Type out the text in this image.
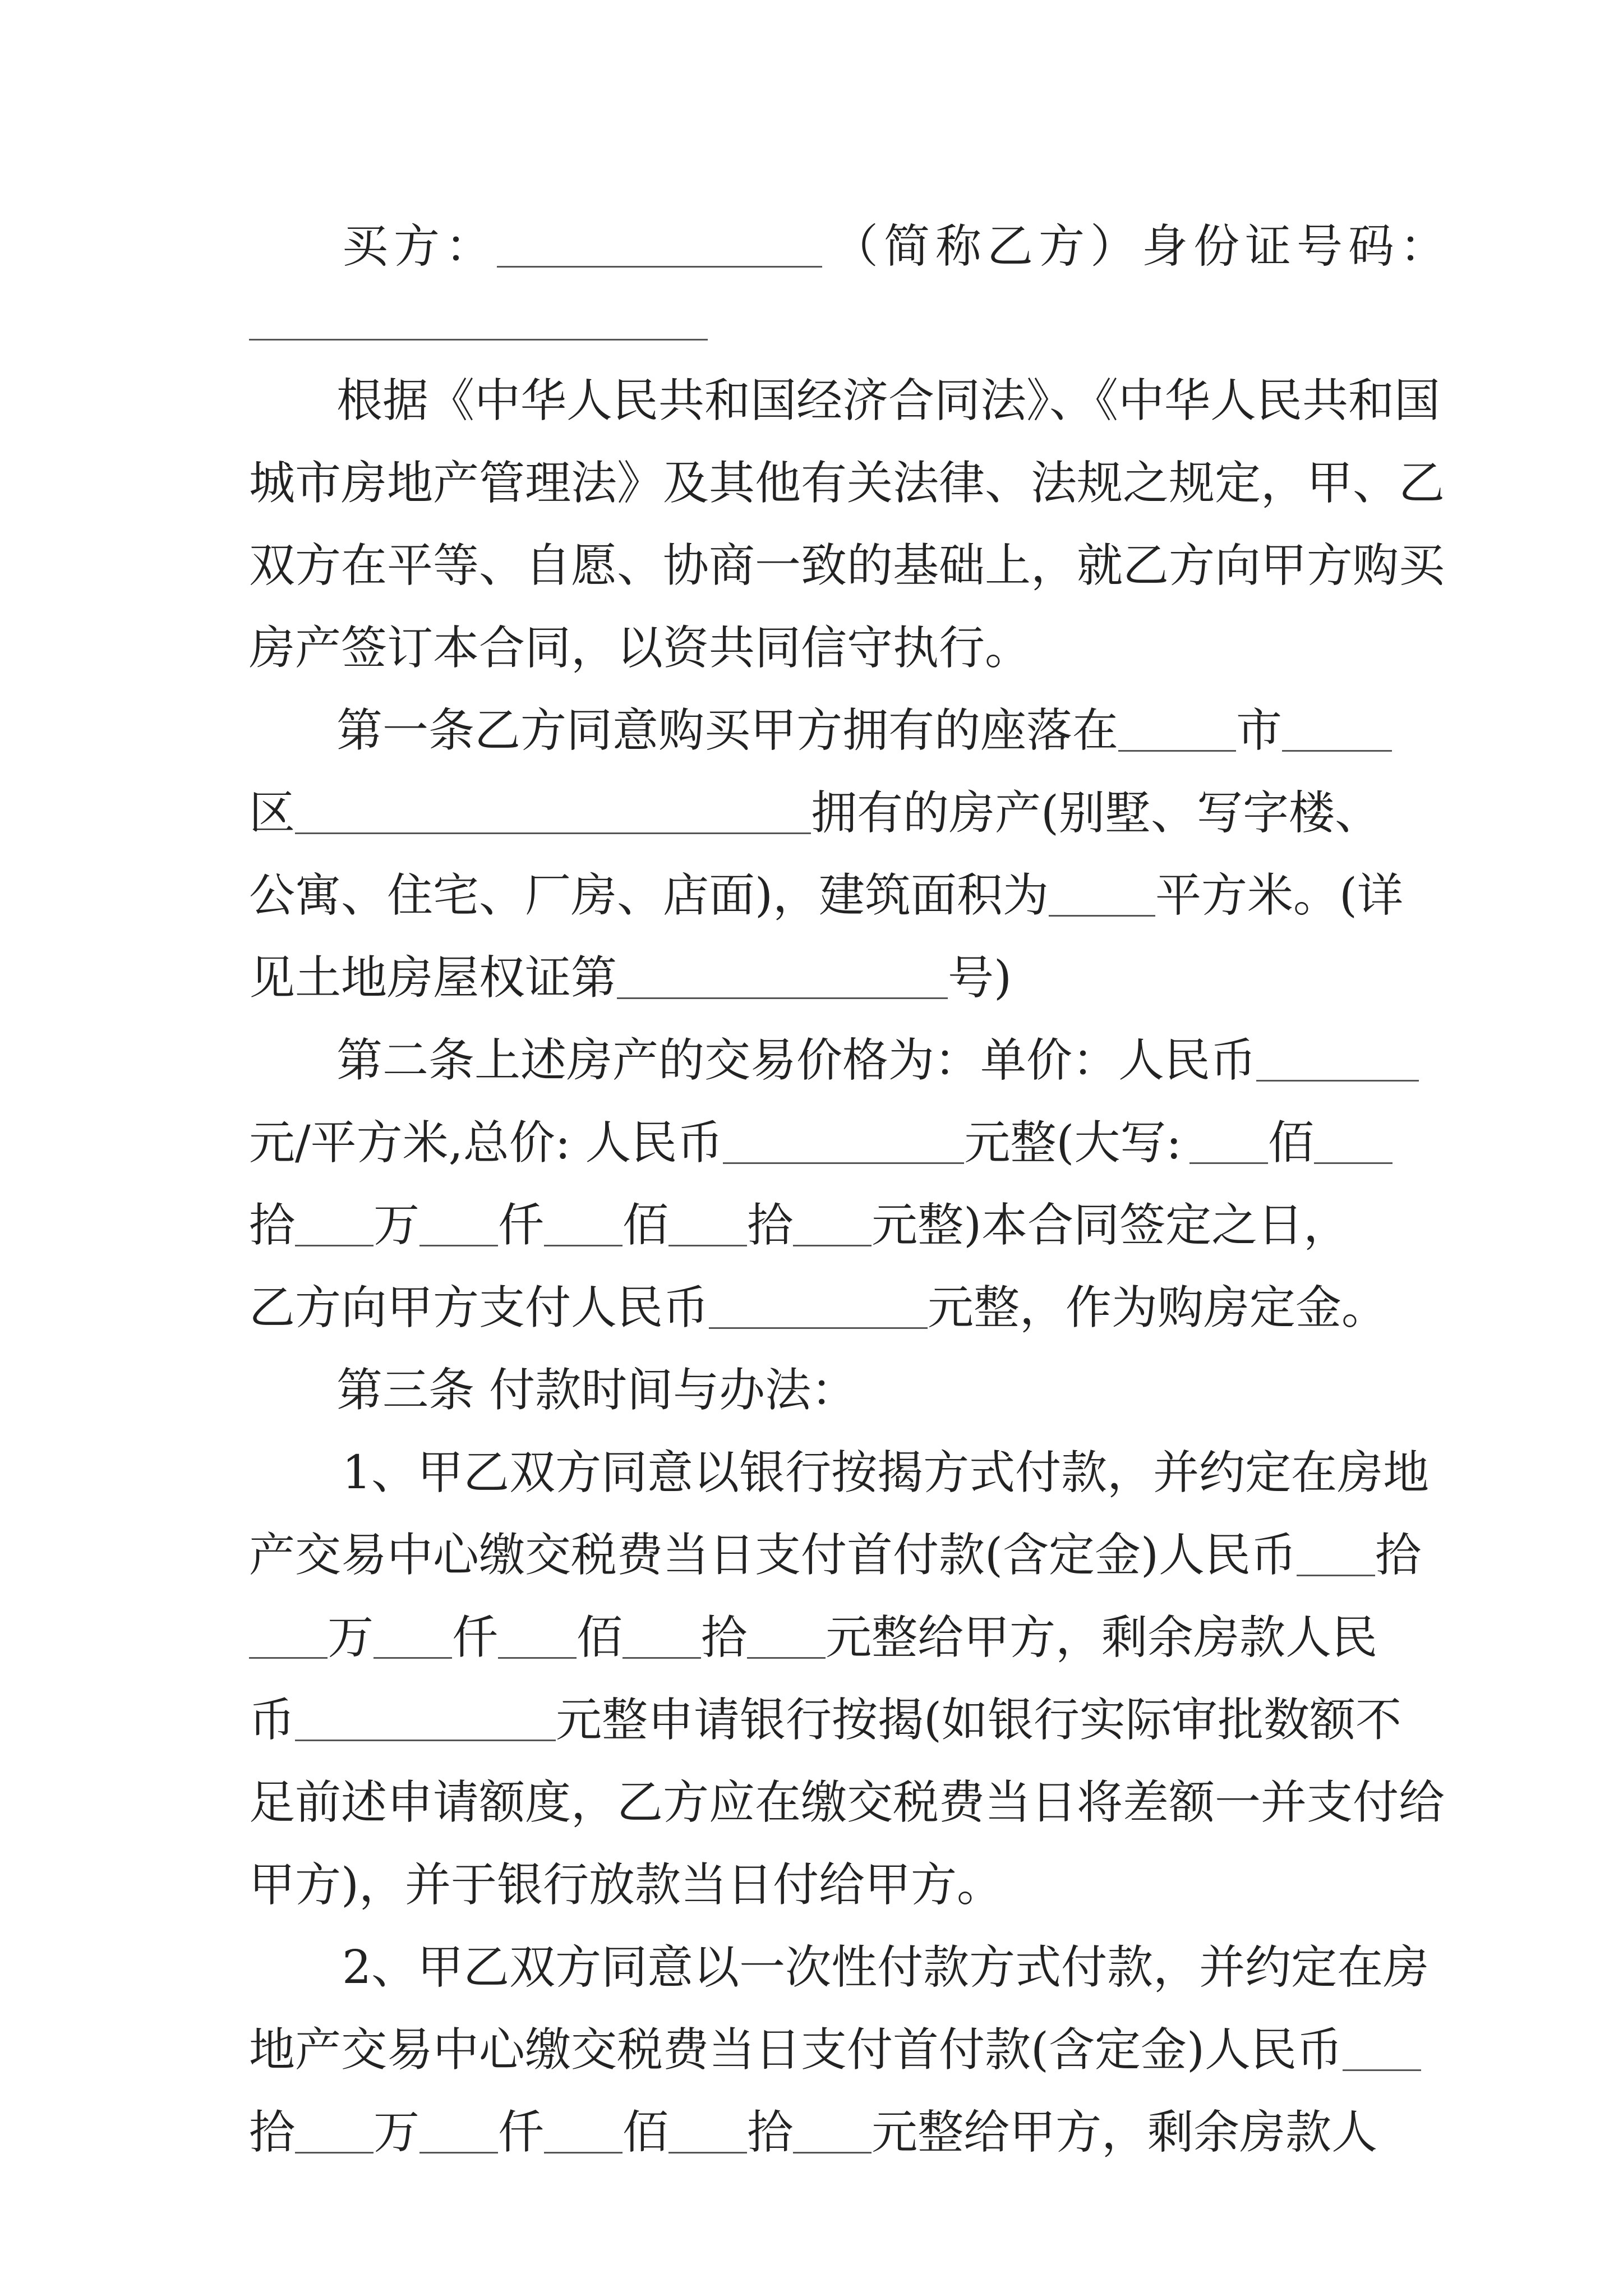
买方：	（简称乙方）身份证号码：
根据《中华人民共和国经济合同法》、《中华人民共和国
城市房地产管理法》及其他有关法律、法规之规定，甲、乙
双方在平等、自愿、协商一致的基础上，就乙方向甲方购买
房产签订本合同，以资共同信守执行。
第一条乙方同意购买甲方拥有的座落在	市
区	拥有的房产(别墅、写字楼、
公寓、住宅、厂房、店面)，建筑面积为 平方米。(详
见土地房屋权证第	号)
第二条上述房产的交易价格为：单价：人民币
元/平方米,总价: 人民币	元整(大写: 佰
拾 万 仟 佰 拾 元整)本合同签定之日，
乙方向甲方支付人民币	元整，作为购房定金。
第三条 付款时间与办法：
1、甲乙双方同意以银行按揭方式付款，并约定在房地
产交易中心缴交税费当日支付首付款(含定金)人民币 拾
万 仟 佰 拾 元整给甲方，剩余房款人民
币	元整申请银行按揭(如银行实际审批数额不
足前述申请额度，乙方应在缴交税费当日将差额一并支付给
甲方)，并于银行放款当日付给甲方。
2、甲乙双方同意以一次性付款方式付款，并约定在房
地产交易中心缴交税费当日支付首付款(含定金)人民币
拾 万 仟 佰 拾 元整给甲方，剩余房款人
